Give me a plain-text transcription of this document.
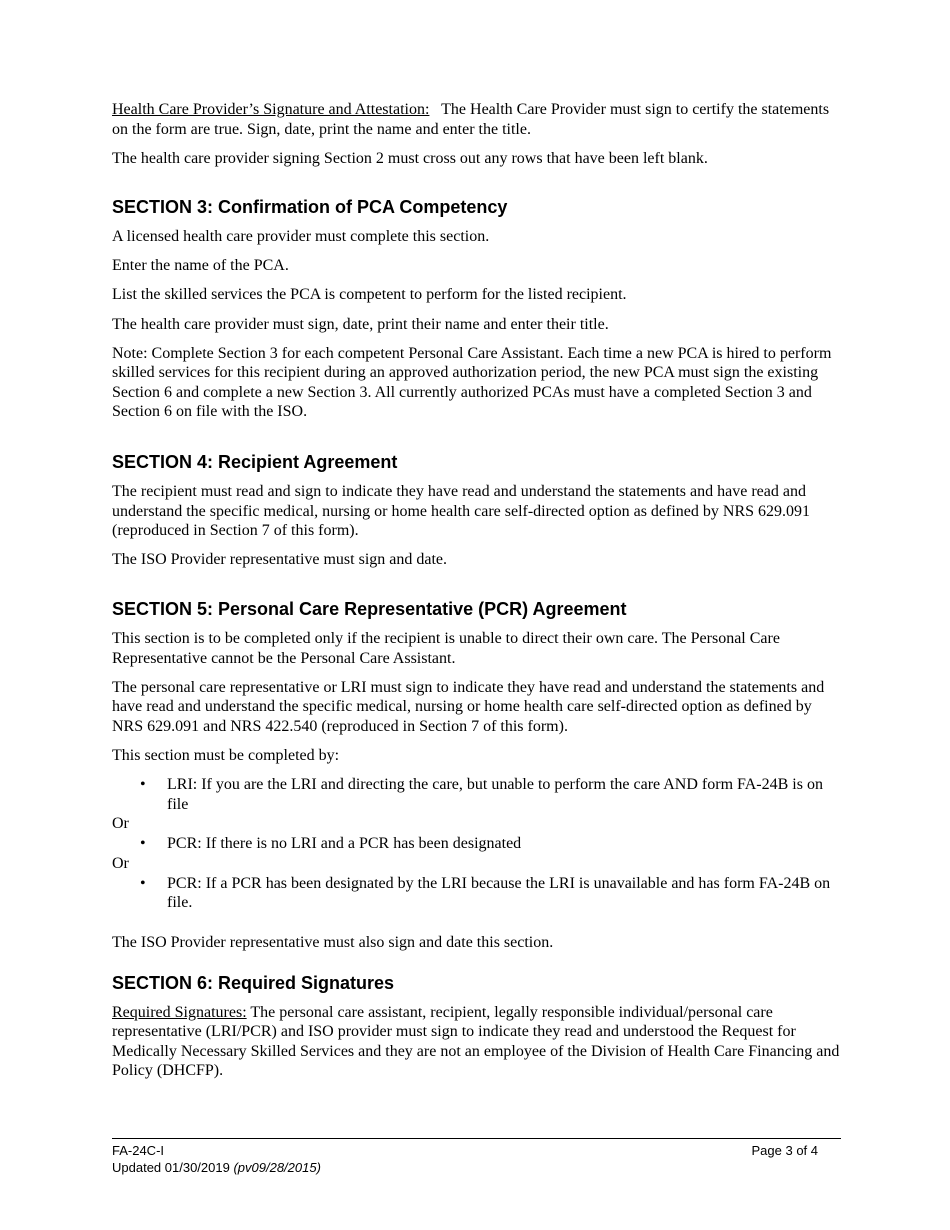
Health Care Provider’s Signature and Attestation: The Health Care Provider must sign to certify the statements on the form are true. Sign, date, print the name and enter the title.

The health care provider signing Section 2 must cross out any rows that have been left blank.

SECTION 3: Confirmation of PCA Competency

A licensed health care provider must complete this section.

Enter the name of the PCA.

List the skilled services the PCA is competent to perform for the listed recipient.

The health care provider must sign, date, print their name and enter their title.

Note: Complete Section 3 for each competent Personal Care Assistant. Each time a new PCA is hired to perform skilled services for this recipient during an approved authorization period, the new PCA must sign the existing Section 6 and complete a new Section 3. All currently authorized PCAs must have a completed Section 3 and Section 6 on file with the ISO.

SECTION 4: Recipient Agreement

The recipient must read and sign to indicate they have read and understand the statements and have read and understand the specific medical, nursing or home health care self-directed option as defined by NRS 629.091 (reproduced in Section 7 of this form).

The ISO Provider representative must sign and date.

SECTION 5: Personal Care Representative (PCR) Agreement

This section is to be completed only if the recipient is unable to direct their own care. The Personal Care Representative cannot be the Personal Care Assistant.

The personal care representative or LRI must sign to indicate they have read and understand the statements and have read and understand the specific medical, nursing or home health care self-directed option as defined by NRS 629.091 and NRS 422.540 (reproduced in Section 7 of this form).

This section must be completed by:

• LRI: If you are the LRI and directing the care, but unable to perform the care AND form FA-24B is on file
Or
• PCR: If there is no LRI and a PCR has been designated
Or
• PCR: If a PCR has been designated by the LRI because the LRI is unavailable and has form FA-24B on file.

The ISO Provider representative must also sign and date this section.

SECTION 6: Required Signatures

Required Signatures: The personal care assistant, recipient, legally responsible individual/personal care representative (LRI/PCR) and ISO provider must sign to indicate they read and understood the Request for Medically Necessary Skilled Services and they are not an employee of the Division of Health Care Financing and Policy (DHCFP).

FA-24C-I	Page 3 of 4
Updated 01/30/2019 (pv09/28/2015)
